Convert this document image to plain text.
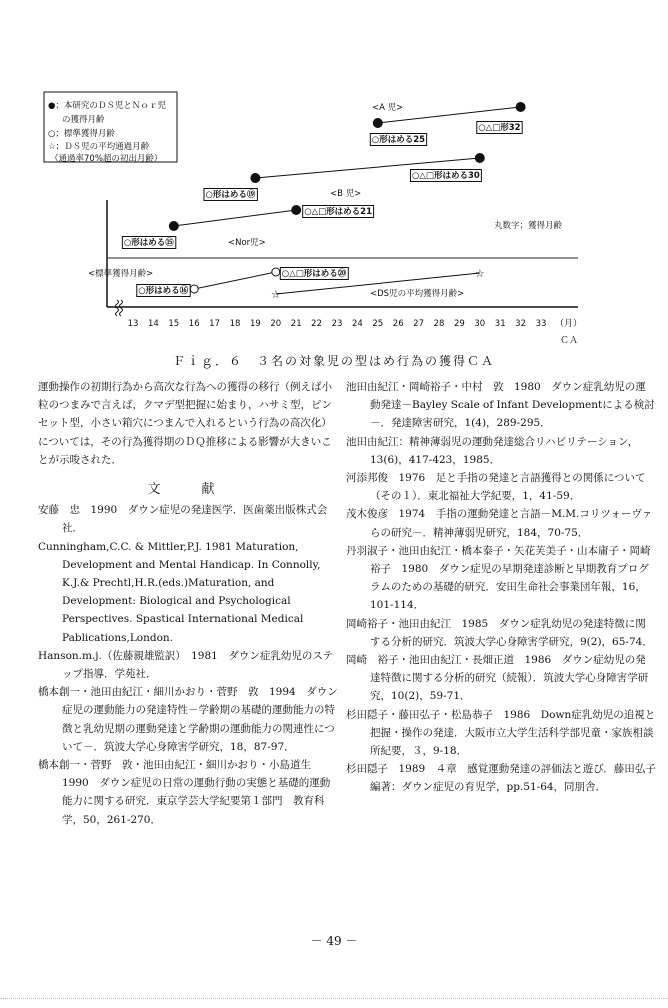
●；本研究のＤＳ児とＮｏｒ児
の獲得月齢
○；標準獲得月齢
☆；ＤＳ児の平均通過月齢
（通過率70%超の初出月齢）
丸数字；獲得月齢
（月）
ＣＡ
13 14 15 16 17 18 19 20 21 22 23 24 25 26 27 28 29 30 31 32 33
○形はめる25
○△□形32
<A 児>
○形はめる⑲
○△□形はめる30
<B 児>
○形はめる⑮
○△□形はめる21
<Nor児>
○形はめる⑯
○△□形はめる⑳
<標準獲得月齢>
☆
☆
<DS児の平均獲得月齢>
Ｆｉｇ．６　３名の対象児の型はめ行為の獲得ＣＡ

運動操作の初期行為から高次な行為への獲得の移行（例えば小粒のつまみで言えば，クマデ型把握に始まり，ハサミ型，ピンセット型，小さい箱穴につまんで入れるという行為の高次化）については，その行為獲得期のＤＱ推移による影響が大きいことが示唆された．

文　献

安藤　忠　1990　ダウン症児の発達医学．医歯薬出版株式会社．

Cunningham,C.C. & Mittler,P.J. 1981 Maturation, Development and Mental Handicap. In Connolly, K.J.& Prechtl,H.R.(eds.)Maturation, and Development: Biological and Psychological Perspectives. Spastical International Medical Pablications,London.

Hanson.m.j.（佐藤親雄監訳）　1981　ダウン症乳幼児のステップ指導．学苑社．

橋本創一・池田由紀江・細川かおり・菅野　敦　1994　ダウン症児の運動能力の発達特性－学齢期の基礎的運動能力の特徴と乳幼児期の運動発達と学齢期の運動能力の関連性について－．筑波大学心身障害学研究，18，87-97．

橋本創一・菅野　敦・池田由紀江・細川かおり・小島道生　1990　ダウン症児の日常の運動行動の実態と基礎的運動能力に関する研究．東京学芸大学紀要第１部門　教育科学，50，261-270．

池田由紀江・岡崎裕子・中村　敦　1980　ダウン症乳幼児の運動発達－Bayley Scale of Infant Developmentによる検討－．発達障害研究，1(4)，289-295．

池田由紀江：精神薄弱児の運動発達総合リハビリテーション，13(6)，417-423，1985．

河添邦俊　1976　足と手指の発達と言語獲得との関係について（その１）．東北福祉大学紀要，1，41-59．

茂木俊彦　1974　手指の運動発達と言語－M.M.コリツォーヴァらの研究－．精神薄弱児研究，184，70-75．

丹羽淑子・池田由紀江・橋本泰子・矢花芙美子・山本庸子・岡崎裕子　1980　ダウン症児の早期発達診断と早期教育プログラムのための基礎的研究．安田生命社会事業団年報，16，101-114．

岡崎裕子・池田由紀江　1985　ダウン症乳幼児の発達特徴に関する分析的研究．筑波大学心身障害学研究，9(2)，65-74．

岡崎　裕子・池田由紀江・長畑正道　1986　ダウン症幼児の発達特徴に関する分析的研究（続報）．筑波大学心身障害学研究，10(2)，59-71．

杉田隠子・藤田弘子・松島恭子　1986　Down症乳幼児の追視と把握・操作の発達．大阪市立大学生活科学部児童・家族相談所紀要，３，9-18．

杉田隠子　1989　４章　感覚運動発達の評価法と遊び．藤田弘子編著：ダウン症児の育児学，pp.51-64，同朋舎．

－ 49 －
